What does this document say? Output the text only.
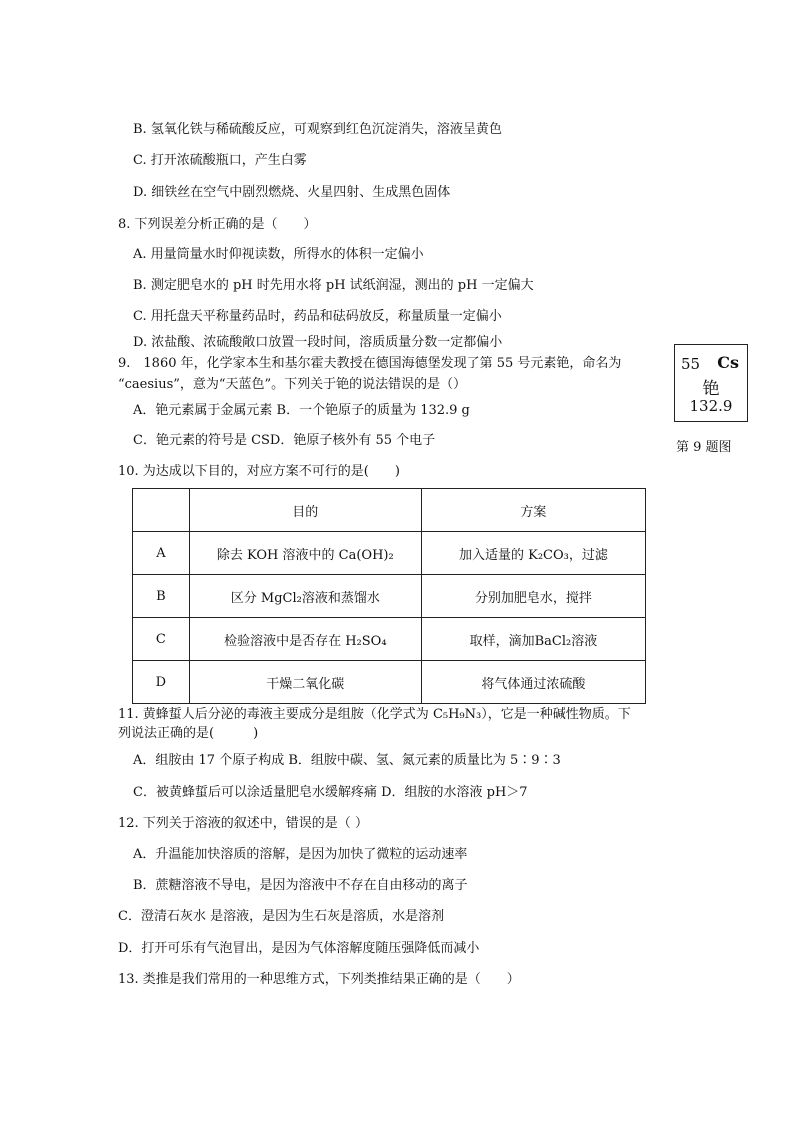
B. 氢氧化铁与稀硫酸反应，可观察到红色沉淀消失，溶液呈黄色
C. 打开浓硫酸瓶口，产生白雾
D. 细铁丝在空气中剧烈燃烧、火星四射、生成黑色固体
8. 下列误差分析正确的是（　　）
A. 用量筒量水时仰视读数，所得水的体积一定偏小
B. 测定肥皂水的 pH 时先用水将 pH 试纸润湿，测出的 pH 一定偏大
C. 用托盘天平称量药品时，药品和砝码放反，称量质量一定偏小
D. 浓盐酸、浓硫酸敞口放置一段时间，溶质质量分数一定都偏小
9.　1860 年，化学家本生和基尔霍夫教授在德国海德堡发现了第 55 号元素铯，命名为
“caesius”，意为“天蓝色”。下列关于铯的说法错误的是（）
A．铯元素属于金属元素 B．一个铯原子的质量为 132.9 g
C．铯元素的符号是 CSD．铯原子核外有 55 个电子
10. 为达成以下目的，对应方案不可行的是(　　)
	目的	方案
A	除去 KOH 溶液中的 Ca(OH)₂	加入适量的 K₂CO₃，过滤
B	区分 MgCl₂溶液和蒸馏水	分别加肥皂水，搅拌
C	检验溶液中是否存在 H₂SO₄	取样，滴加BaCl₂溶液
D	干燥二氧化碳	将气体通过浓硫酸
11. 黄蜂蜇人后分泌的毒液主要成分是组胺（化学式为 C₅H₉N₃），它是一种碱性物质。下
列说法正确的是(　　　)
A．组胺由 17 个原子构成 B．组胺中碳、氢、氮元素的质量比为 5∶9∶3
C．被黄蜂蜇后可以涂适量肥皂水缓解疼痛 D．组胺的水溶液 pH＞7
12. 下列关于溶液的叙述中，错误的是（ ）
A．升温能加快溶质的溶解，是因为加快了微粒的运动速率
B．蔗糖溶液不导电，是因为溶液中不存在自由移动的离子
C．澄清石灰水 是溶液，是因为生石灰是溶质，水是溶剂
D．打开可乐有气泡冒出，是因为气体溶解度随压强降低而减小
13. 类推是我们常用的一种思维方式，下列类推结果正确的是（　　）
55 Cs
铯
132.9
第 9 题图
